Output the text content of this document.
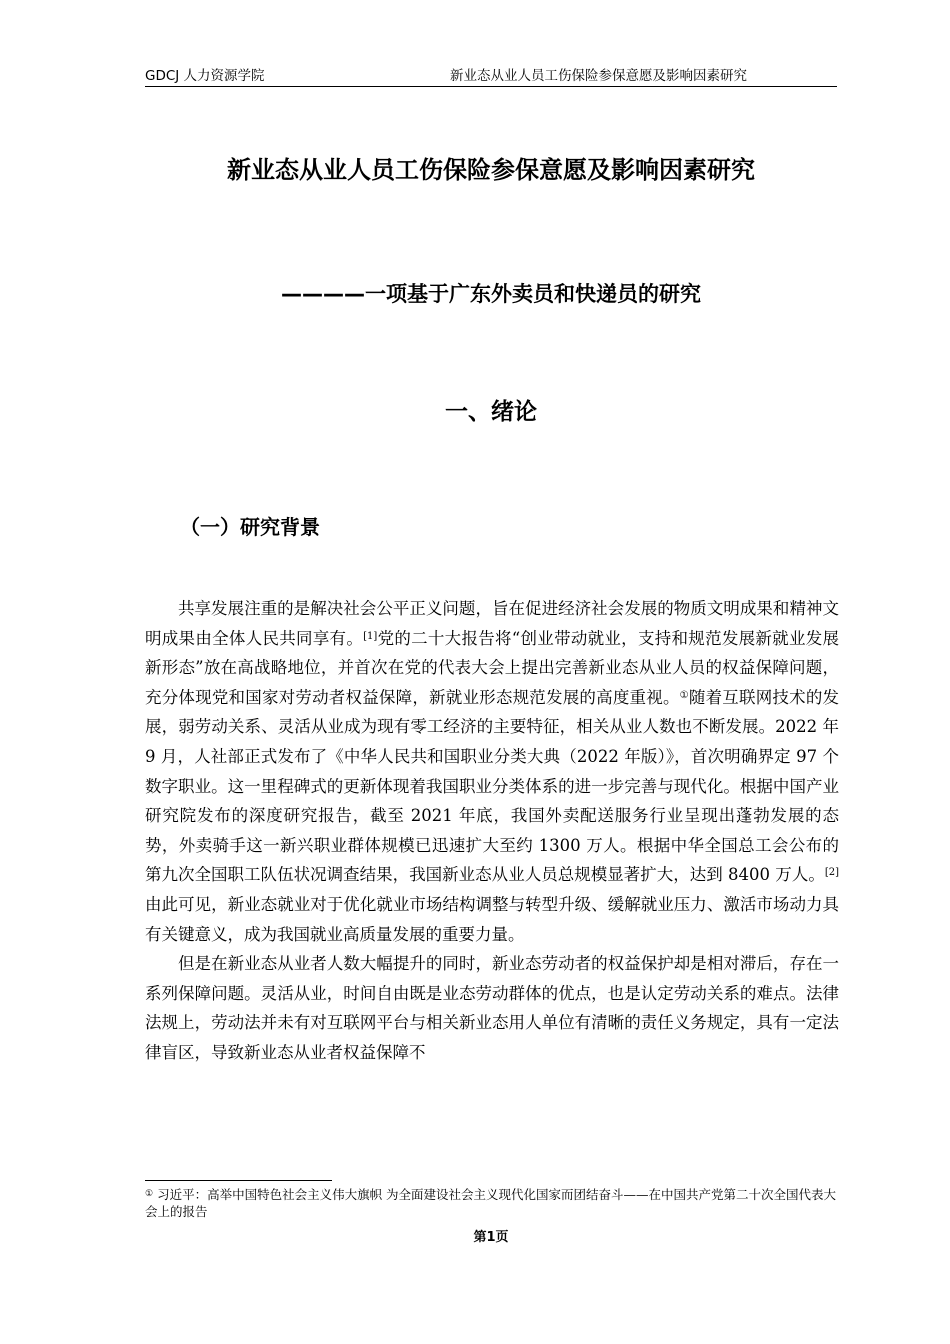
GDCJ 人力资源学院	新业态从业人员工伤保险参保意愿及影响因素研究
新业态从业人员工伤保险参保意愿及影响因素研究
————一项基于广东外卖员和快递员的研究
一、绪论
（一）研究背景

共享发展注重的是解决社会公平正义问题，旨在促进经济社会发展的物质文明成果和精神文明成果由全体人民共同享有。[1]党的二十大报告将“创业带动就业，支持和规范发展新就业发展新形态”放在高战略地位，并首次在党的代表大会上提出完善新业态从业人员的权益保障问题，充分体现党和国家对劳动者权益保障，新就业形态规范发展的高度重视。①随着互联网技术的发展，弱劳动关系、灵活从业成为现有零工经济的主要特征，相关从业人数也不断发展。2022 年 9 月，人社部正式发布了《中华人民共和国职业分类大典（2022 年版）》，首次明确界定 97 个数字职业。这一里程碑式的更新体现着我国职业分类体系的进一步完善与现代化。根据中国产业研究院发布的深度研究报告，截至 2021 年底，我国外卖配送服务行业呈现出蓬勃发展的态势，外卖骑手这一新兴职业群体规模已迅速扩大至约 1300 万人。根据中华全国总工会公布的第九次全国职工队伍状况调查结果，我国新业态从业人员总规模显著扩大，达到 8400 万人。[2]由此可见，新业态就业对于优化就业市场结构调整与转型升级、缓解就业压力、激活市场动力具有关键意义，成为我国就业高质量发展的重要力量。

但是在新业态从业者人数大幅提升的同时，新业态劳动者的权益保护却是相对滞后，存在一系列保障问题。灵活从业，时间自由既是业态劳动群体的优点，也是认定劳动关系的难点。法律法规上，劳动法并未有对互联网平台与相关新业态用人单位有清晰的责任义务规定，具有一定法律盲区，导致新业态从业者权益保障不

① 习近平：高举中国特色社会主义伟大旗帜 为全面建设社会主义现代化国家而团结奋斗——在中国共产党第二十次全国代表大会上的报告
第1页
